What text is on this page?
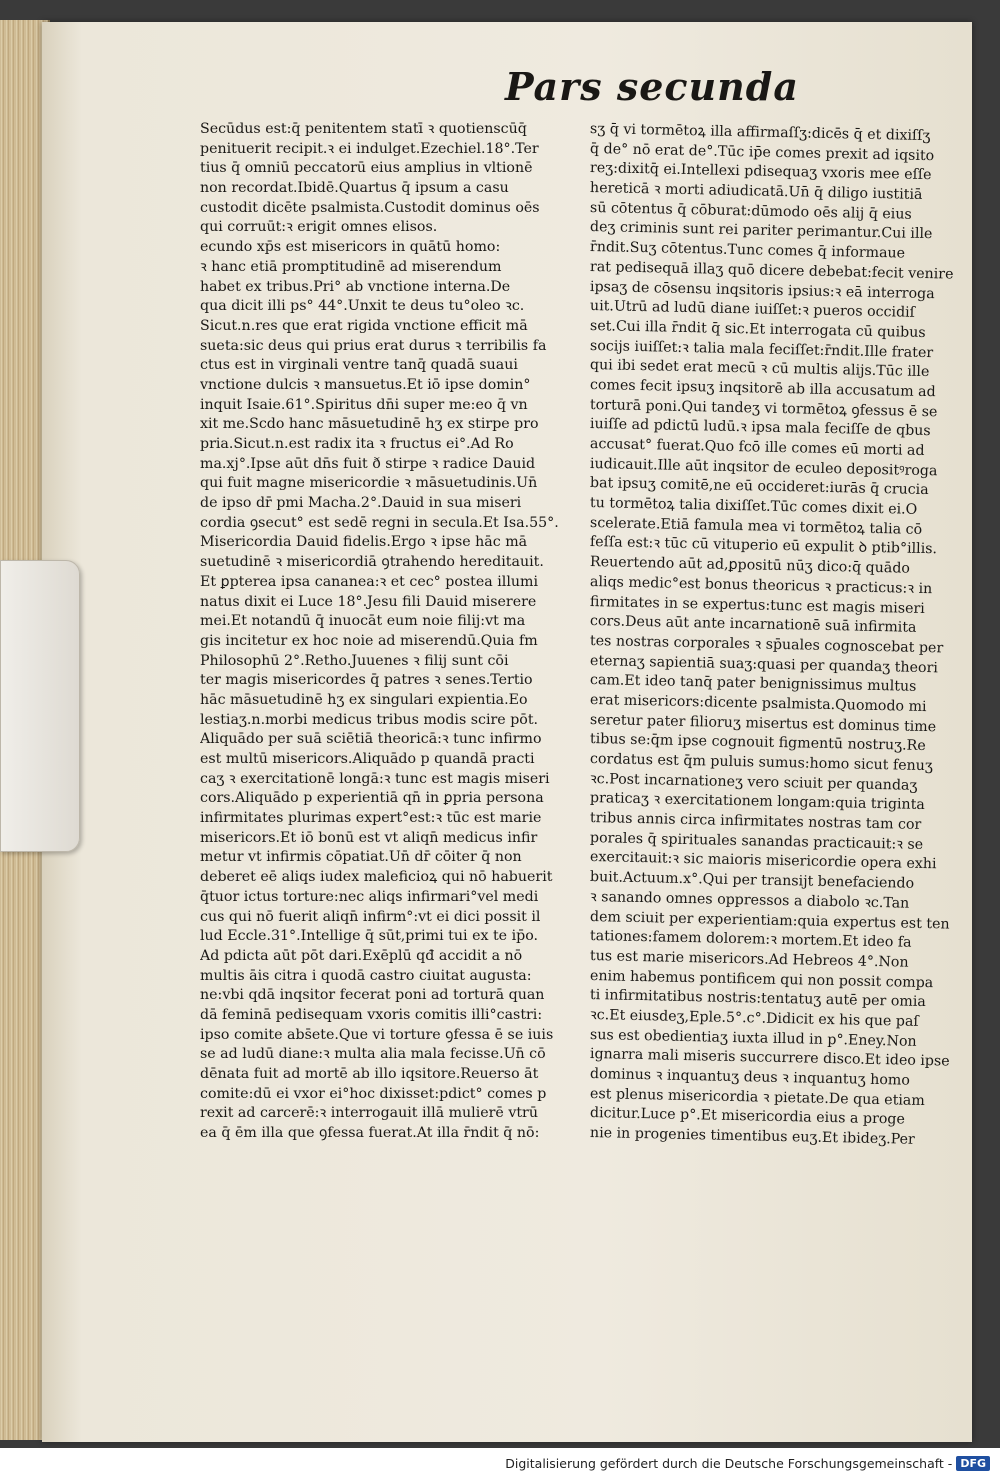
Pars secunda
Secūdus est:q̄ penitentem statī ꝛ quotienscūq̄
penituerit recipit.ꝛ ei indulget.Ezechiel.18°.Ter
tius q̄ omniū peccatorū eius amplius in vltionē
non recordat.Ibidē.Quartus q̄ ipsum a casu
custodit dicēte psalmista.Custodit dominus oēs
qui corruūt:ꝛ erigit omnes elisos.
ecundo xp̄s est misericors in quātū homo:
ꝛ hanc etiā promptitudinē ad miserendum
habet ex tribus.Pri° ab vnctione interna.De
qua dicit illi ps° 44°.Unxit te deus tu°oleo ꝛc.
Sicut.n.res que erat rigida vnctione efficit mā
sueta:sic deus qui prius erat durus ꝛ terribilis fa
ctus est in virginali ventre tanq̄ quadā suaui
vnctione dulcis ꝛ mansuetus.Et iō ipse domin°
inquit Isaie.61°.Spiritus dn̄i super me:eo q̄ vn
xit me.Scdo hanc māsuetudinē hʒ ex stirpe pro
pria.Sicut.n.est radix ita ꝛ fructus ei°.Ad Ro
ma.xj°.Ipse aūt dn̄s fuit ð stirpe ꝛ radice Dauid
qui fuit magne misericordie ꝛ māsuetudinis.Un̄
de ipso dr̄ pmi Macha.2°.Dauid in sua miseri
cordia ꝯsecut° est sedē regni in secula.Et Isa.55°.
Misericordia Dauid fidelis.Ergo ꝛ ipse hāc mā
suetudinē ꝛ misericordiā ꝯtrahendo hereditauit.
Et ꝑpterea ipsa cananea:ꝛ et cec° postea illumi
natus dixit ei Luce 18°.Jesu fili Dauid miserere
mei.Et notandū q̄ inuocāt eum noie filij:vt ma
gis incitetur ex hoc noie ad miserendū.Quia fm
Philosophū 2°.Retho.Juuenes ꝛ filij sunt cōi
ter magis misericordes q̄ patres ꝛ senes.Tertio
hāc māsuetudinē hʒ ex singulari expientia.Eo
lestiaʒ.n.morbi medicus tribus modis scire pōt.
Aliquādo per suā sciētiā theoricā:ꝛ tunc infirmo
est multū misericors.Aliquādo p quandā practi
caʒ ꝛ exercitationē longā:ꝛ tunc est magis miseri
cors.Aliquādo p experientiā qn̄ in ꝑpria persona
infirmitates plurimas expert°est:ꝛ tūc est marie
misericors.Et iō bonū est vt aliqn̄ medicus infir
metur vt infirmis cōpatiat.Un̄ dr̄ cōiter q̄ non
deberet eē aliqs iudex maleficioꝝ qui nō habuerit
q̄tuor ictus torture:nec aliqs infirmari°vel medi
cus qui nō fuerit aliqn̄ infirm°:vt ei dici possit il
lud Eccle.31°.Intellige q̄ sūt,primi tui ex te ip̄o.
Ad pdicta aūt pōt dari.Exēplū qđ accidit a nō
multis āis citra i quodā castro ciuitat augusta:
ne:vbi qdā inqsitor fecerat poni ad torturā quan
dā feminā pedisequam vxoris comitis illi°castri:
ipso comite abs̄ete.Que vi torture ꝯfessa ē se iuis
se ad ludū diane:ꝛ multa alia mala fecisse.Un̄ cō
dēnata fuit ad mortē ab illo iqsitore.Reuerso āt
comite:dū ei vxor ei°hoc dixisset:pdict° comes p
rexit ad carcerē:ꝛ interrogauit illā mulierē vtrū
ea q̄ ēm illa que ꝯfessa fuerat.At illa r̄ndit q̄ nō:
sʒ q̄ vi tormētoꝝ illa affirmaſſʒ:dicēs q̄ et dixiſſʒ
q̄ de° nō erat de°.Tūc ip̄e comes prexit ad iqsito
reʒ:dixitq̄ ei.Intellexi pdisequaʒ vxoris mee eſſe
hereticā ꝛ morti adiudicatā.Un̄ q̄ diligo iustitiā
sū cōtentus q̄ cōburat:dūmodo oēs alij q̄ eius
deʒ criminis sunt rei pariter perimantur.Cui ille
r̄ndit.Suʒ cōtentus.Tunc comes q̄ informaue
rat pedisequā illaʒ quō dicere debebat:fecit venire
ipsaʒ de cōsensu inqsitoris ipsius:ꝛ eā interroga
uit.Utrū ad ludū diane iuiſſet:ꝛ pueros occidiſ
set.Cui illa r̄ndit q̄ sic.Et interrogata cū quibus
socijs iuiſſet:ꝛ talia mala feciſſet:r̄ndit.Ille frater
qui ibi sedet erat mecū ꝛ cū multis alijs.Tūc ille
comes fecit ipsuʒ inqsitorē ab illa accusatum ad
torturā poni.Qui tandeʒ vi tormētoꝝ ꝯfessus ē se
iuiſſe ad pdictū ludū.ꝛ ipsa mala feciſſe de qbus
accusat° fuerat.Quo fcō ille comes eū morti ad
iudicauit.Ille aūt inqsitor de eculeo depositꝰroga
bat ipsuʒ comitē,ne eū occideret:iurās q̄ crucia
tu tormētoꝝ talia dixiſſet.Tūc comes dixit ei.O
scelerate.Etiā famula mea vi tormētoꝝ talia cō
feſſa est:ꝛ tūc cū vituperio eū expulit ꝺ ptib°illis.
Reuertendo aūt ad,ꝑpositū nūʒ dico:q̄ quādo
aliqs medic°est bonus theoricus ꝛ practicus:ꝛ in
firmitates in se expertus:tunc est magis miseri
cors.Deus aūt ante incarnationē suā infirmita
tes nostras corporales ꝛ sp̄uales cognoscebat per
eternaʒ sapientiā suaʒ:quasi per quandaʒ theori
cam.Et ideo tanq̄ pater benignissimus multus
erat misericors:dicente psalmista.Quomodo mi
seretur pater filioruʒ misertus est dominus time
tibus se:q̄m ipse cognouit figmentū nostruʒ.Re
cordatus est q̄m puluis sumus:homo sicut fenuʒ
ꝛc.Post incarnationeʒ vero sciuit per quandaʒ
praticaʒ ꝛ exercitationem longam:quia triginta
tribus annis circa infirmitates nostras tam cor
porales q̄ spirituales sanandas practicauit:ꝛ se
exercitauit:ꝛ sic maioris misericordie opera exhi
buit.Actuum.x°.Qui per transijt benefaciendo
ꝛ sanando omnes oppressos a diabolo ꝛc.Tan
dem sciuit per experientiam:quia expertus est ten
tationes:famem dolorem:ꝛ mortem.Et ideo fa
tus est marie misericors.Ad Hebreos 4°.Non
enim habemus pontificem qui non possit compa
ti infirmitatibus nostris:tentatuʒ autē per omia
ꝛc.Et eiusdeʒ,Eple.5°.c°.Didicit ex his que paſ
sus est obedientiaʒ iuxta illud in p°.Eney.Non
ignarra mali miseris succurrere disco.Et ideo ipse
dominus ꝛ inquantuʒ deus ꝛ inquantuʒ homo
est plenus misericordia ꝛ pietate.De qua etiam
dicitur.Luce p°.Et misericordia eius a proge
nie in progenies timentibus euʒ.Et ibideʒ.Per
Digitalisierung gefördert durch die Deutsche Forschungsgemeinschaft - DFG
